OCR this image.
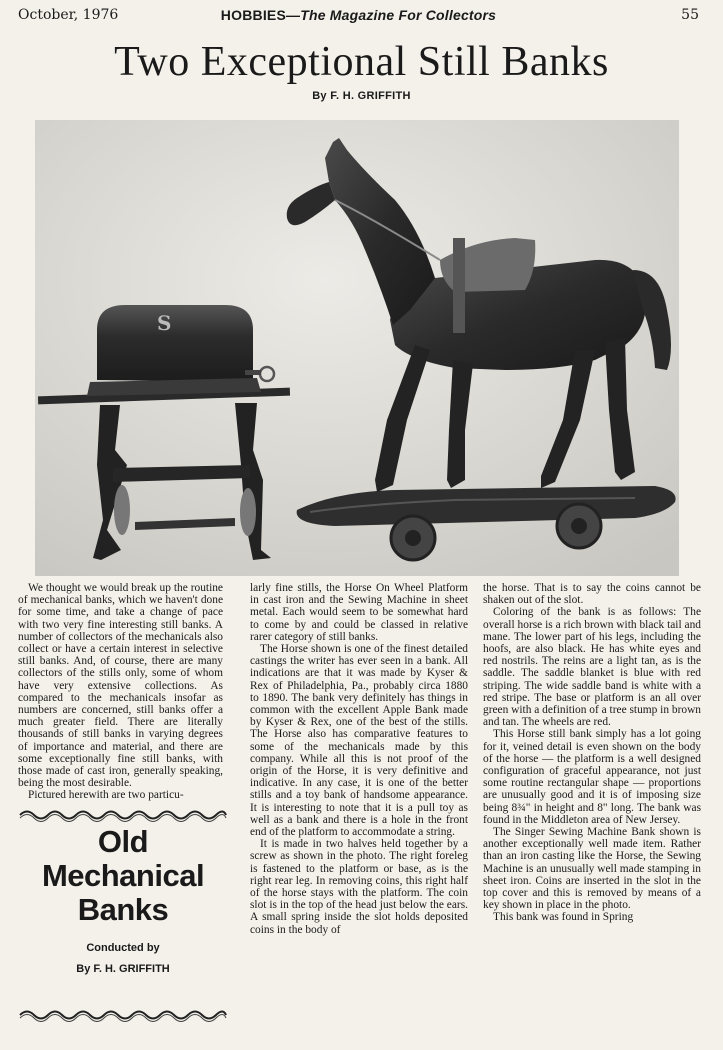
October, 1976	HOBBIES—The Magazine For Collectors	55
Two Exceptional Still Banks
By F. H. GRIFFITH
S

We thought we would break up the routine of mechanical banks, which we haven't done for some time, and take a change of pace with two very fine interesting still banks. A number of collectors of the mechanicals also collect or have a certain interest in selective still banks. And, of course, there are many collectors of the stills only, some of whom have very extensive collections. As compared to the mechanicals insofar as numbers are concerned, still banks offer a much greater field. There are literally thousands of still banks in varying degrees of importance and material, and there are some exceptionally fine still banks, with those made of cast iron, generally speaking, being the most desirable.

Pictured herewith are two particu-

Old
Mechanical
Banks
Conducted by
By F. H. GRIFFITH

larly fine stills, the Horse On Wheel Platform in cast iron and the Sewing Machine in sheet metal. Each would seem to be somewhat hard to come by and could be classed in relative rarer category of still banks.

The Horse shown is one of the finest detailed castings the writer has ever seen in a bank. All indications are that it was made by Kyser & Rex of Philadelphia, Pa., probably circa 1880 to 1890. The bank very definitely has things in common with the excellent Apple Bank made by Kyser & Rex, one of the best of the stills. The Horse also has comparative features to some of the mechanicals made by this company. While all this is not proof of the origin of the Horse, it is very definitive and indicative. In any case, it is one of the better stills and a toy bank of handsome appearance. It is interesting to note that it is a pull toy as well as a bank and there is a hole in the front end of the platform to accommodate a string.

It is made in two halves held together by a screw as shown in the photo. The right foreleg is fastened to the platform or base, as is the right rear leg. In removing coins, this right half of the horse stays with the platform. The coin slot is in the top of the head just below the ears. A small spring inside the slot holds deposited coins in the body of

the horse. That is to say the coins cannot be shaken out of the slot.

Coloring of the bank is as follows: The overall horse is a rich brown with black tail and mane. The lower part of his legs, including the hoofs, are also black. He has white eyes and red nostrils. The reins are a light tan, as is the saddle. The saddle blanket is blue with red striping. The wide saddle band is white with a red stripe. The base or platform is an all over green with a definition of a tree stump in brown and tan. The wheels are red.

This Horse still bank simply has a lot going for it, veined detail is even shown on the body of the horse — the platform is a well designed configuration of graceful appearance, not just some routine rectangular shape — proportions are unusually good and it is of imposing size being 8¾" in height and 8" long. The bank was found in the Middleton area of New Jersey.

The Singer Sewing Machine Bank shown is another exceptionally well made item. Rather than an iron casting like the Horse, the Sewing Machine is an unusually well made stamping in sheet iron. Coins are inserted in the slot in the top cover and this is removed by means of a key shown in place in the photo.

This bank was found in Spring
